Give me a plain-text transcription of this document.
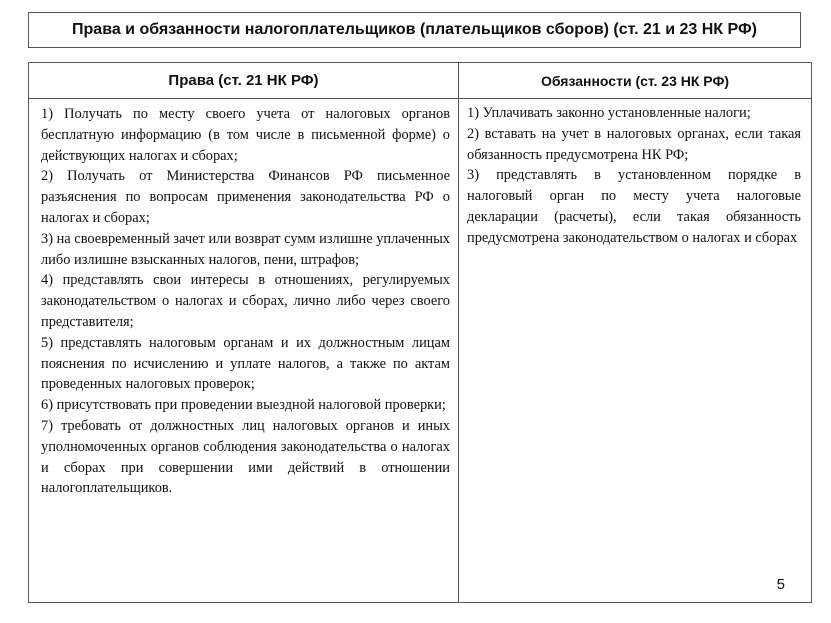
Права и обязанности налогоплательщиков (плательщиков сборов) (ст. 21 и 23 НК РФ)
Права (ст. 21 НК РФ)

1) Получать по месту своего учета от налоговых органов бесплатную информацию (в том числе в письменной форме) о действующих налогах и сборах;

2) Получать от Министерства Финансов РФ письменное разъяснения по вопросам применения законодательства РФ о налогах и сборах;

3) на своевременный зачет или возврат сумм излишне уплаченных либо излишне взысканных налогов, пени, штрафов;

4) представлять свои интересы в отношениях, регулируемых законодательством о налогах и сборах, лично либо через своего представителя;

5) представлять налоговым органам и их должностным лицам пояснения по исчислению и уплате налогов, а также по актам проведенных налоговых проверок;

6) присутствовать при проведении выездной налоговой проверки;

7) требовать от должностных лиц налоговых органов и иных уполномоченных органов соблюдения законодательства о налогах и сборах при совершении ими действий в отношении налогоплательщиков.

Обязанности (ст. 23 НК РФ)

1) Уплачивать законно установленные налоги;

2) вставать на учет в налоговых органах, если такая обязанность предусмотрена НК РФ;

3) представлять в установленном порядке в налоговый орган по месту учета налоговые декларации (расчеты), если такая обязанность предусмотрена законодательством о налогах и сборах

5
